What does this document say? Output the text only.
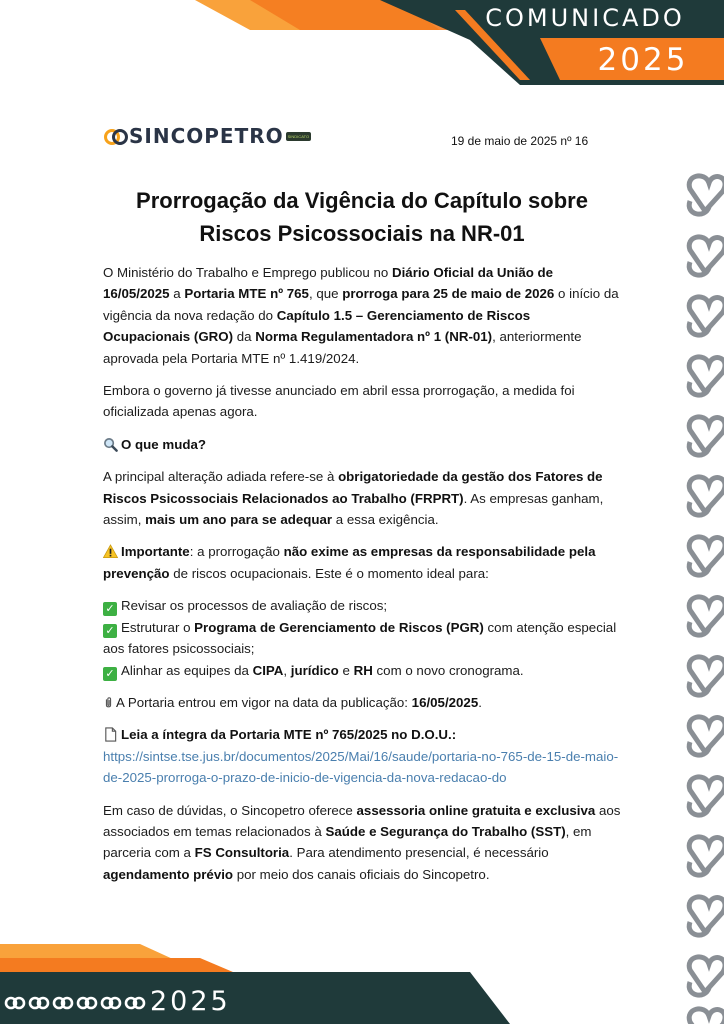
COMUNICADO
2025
2025
SINCOPETRO	SINDICATO	19 de maio de 2025 nº 16
Prorrogação da Vigência do Capítulo sobre
Riscos Psicossociais na NR-01

O Ministério do Trabalho e Emprego publicou no Diário Oficial da União de 16/05/2025 a Portaria MTE nº 765, que prorroga para 25 de maio de 2026 o início da vigência da nova redação do Capítulo 1.5 – Gerenciamento de Riscos Ocupacionais (GRO) da Norma Regulamentadora nº 1 (NR-01), anteriormente aprovada pela Portaria MTE nº 1.419/2024.

Embora o governo já tivesse anunciado em abril essa prorrogação, a medida foi oficializada apenas agora.

O que muda?

A principal alteração adiada refere-se à obrigatoriedade da gestão dos Fatores de Riscos Psicossociais Relacionados ao Trabalho (FRPRT). As empresas ganham, assim, mais um ano para se adequar a essa exigência.

Importante: a prorrogação não exime as empresas da responsabilidade pela prevenção de riscos ocupacionais. Este é o momento ideal para:

✓ Revisar os processos de avaliação de riscos;

✓ Estruturar o Programa de Gerenciamento de Riscos (PGR) com atenção especial aos fatores psicossociais;

✓ Alinhar as equipes da CIPA, jurídico e RH com o novo cronograma.

A Portaria entrou em vigor na data da publicação: 16/05/2025.

Leia a íntegra da Portaria MTE nº 765/2025 no D.O.U.:
https://sintse.tse.jus.br/documentos/2025/Mai/16/saude/portaria-no-765-de-15-de-maio-de-2025-prorroga-o-prazo-de-inicio-de-vigencia-da-nova-redacao-do

Em caso de dúvidas, o Sincopetro oferece assessoria online gratuita e exclusiva aos associados em temas relacionados à Saúde e Segurança do Trabalho (SST), em parceria com a FS Consultoria. Para atendimento presencial, é necessário agendamento prévio por meio dos canais oficiais do Sincopetro.
